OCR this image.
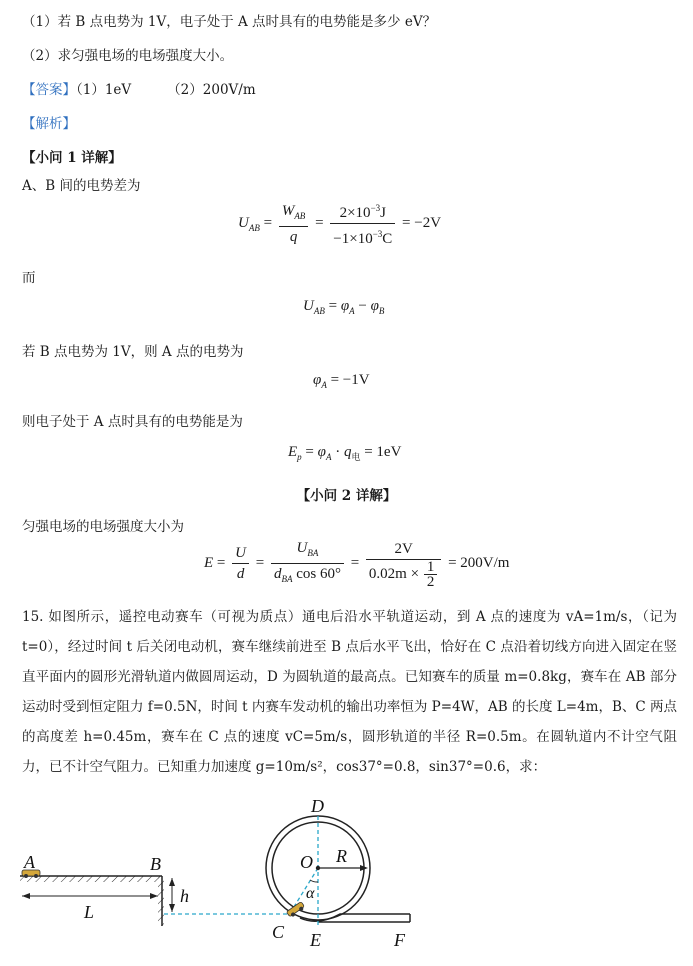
（1）若 B 点电势为 1V，电子处于 A 点时具有的电势能是多少 eV？
（2）求匀强电场的电场强度大小。
【答案】（1）1eV	（2）200V/m
【解析】
【小问 1 详解】
A、B 间的电势差为
$U_{AB} = \frac{W_{AB}}{q} = \frac{2\times 10^{-3}J}{-1\times 10^{-3}C} = -2V$
而
$U_{AB} = \varphi_A - \varphi_B$
若 B 点电势为 1V，则 A 点的电势为
$\varphi_A = -1V$
则电子处于 A 点时具有的电势能是为
$E_p = \varphi_A \cdot q_电 = 1eV$
【小问 2 详解】
匀强电场的电场强度大小为
$E = \frac{U}{d} = \frac{U_{BA}}{d_{BA} \cos 60^\circ} = \frac{2V}{0.02m \times \frac{1}{2}} = 200V/m$
15. 如图所示，遥控电动赛车（可视为质点）通电后沿水平轨道运动，到 A 点的速度为 vA=1m/s，（记为 t=0），经过时间 t 后关闭电动机，赛车继续前进至 B 点后水平飞出，恰好在 C 点沿着切线方向进入固定在竖直平面内的圆形光滑轨道内做圆周运动，D 为圆轨道的最高点。已知赛车的质量 m=0.8kg，赛车在 AB 部分运动时受到恒定阻力 f=0.5N，时间 t 内赛车发动机的输出功率恒为 P=4W，AB 的长度 L=4m，B、C 两点的高度差 h=0.45m，赛车在 C 点的速度 vC=5m/s，圆形轨道的半径 R=0.5m。在圆轨道内不计空气阻力，已不计空气阻力。已知重力加速度 g=10m/s²，cos37°=0.8，sin37°=0.6，求：
A	B
L
h
D
O R
α
C E	F
